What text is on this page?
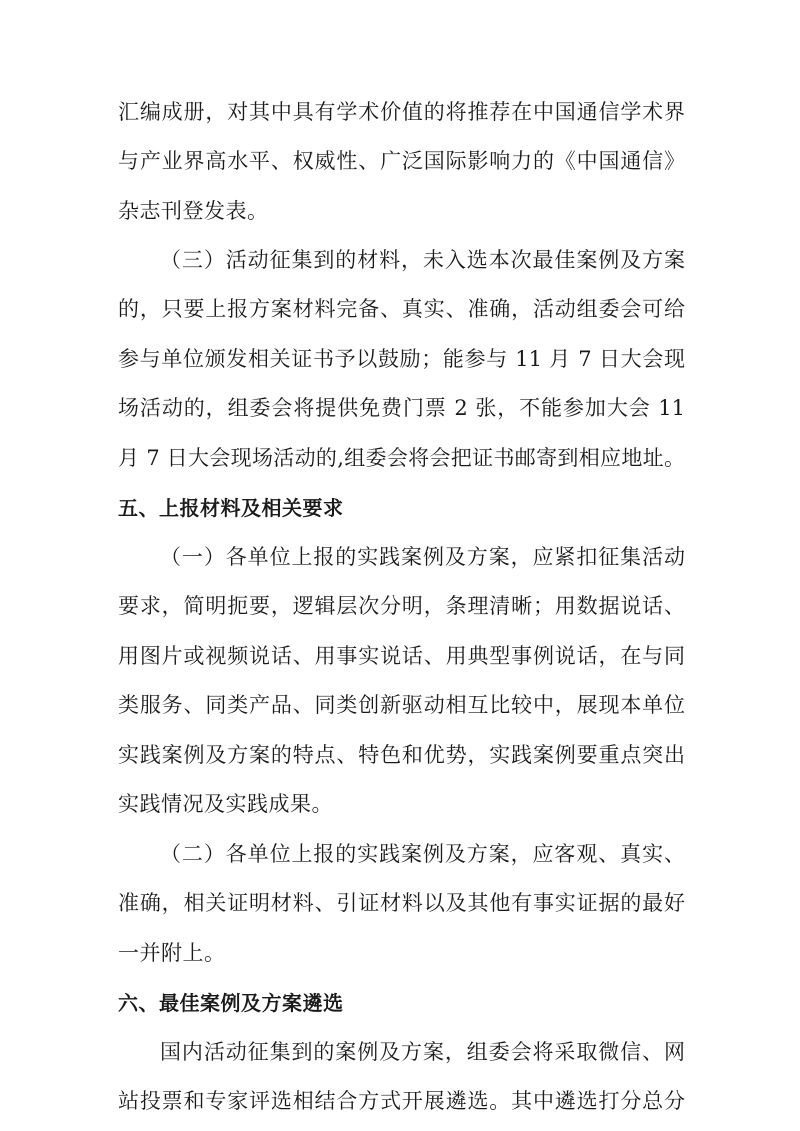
汇编成册，对其中具有学术价值的将推荐在中国通信学术界
与产业界高水平、权威性、广泛国际影响力的《中国通信》
杂志刊登发表。
（三）活动征集到的材料，未入选本次最佳案例及方案
的，只要上报方案材料完备、真实、准确，活动组委会可给
参与单位颁发相关证书予以鼓励；能参与 11 月 7 日大会现
场活动的，组委会将提供免费门票 2 张，不能参加大会 11
月 7 日大会现场活动的,组委会将会把证书邮寄到相应地址。
五、上报材料及相关要求
（一）各单位上报的实践案例及方案，应紧扣征集活动
要求，简明扼要，逻辑层次分明，条理清晰；用数据说话、
用图片或视频说话、用事实说话、用典型事例说话，在与同
类服务、同类产品、同类创新驱动相互比较中，展现本单位
实践案例及方案的特点、特色和优势，实践案例要重点突出
实践情况及实践成果。
（二）各单位上报的实践案例及方案，应客观、真实、
准确，相关证明材料、引证材料以及其他有事实证据的最好
一并附上。
六、最佳案例及方案遴选
国内活动征集到的案例及方案，组委会将采取微信、网
站投票和专家评选相结合方式开展遴选。其中遴选打分总分
